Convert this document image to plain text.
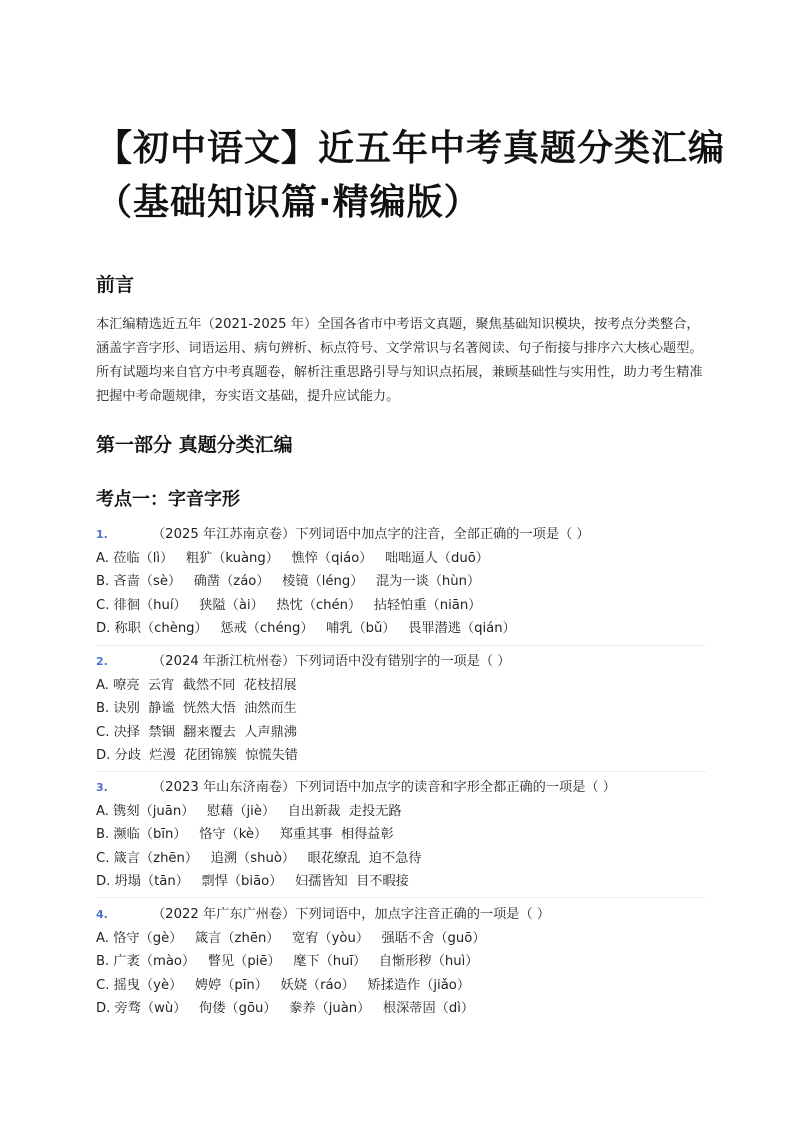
【初中语文】近五年中考真题分类汇编（基础知识篇·精编版）
前言
本汇编精选近五年（2021-2025 年）全国各省市中考语文真题，聚焦基础知识模块，按考点分类整合，涵盖字音字形、词语运用、病句辨析、标点符号、文学常识与名著阅读、句子衔接与排序六大核心题型。所有试题均来自官方中考真题卷，解析注重思路引导与知识点拓展，兼顾基础性与实用性，助力考生精准把握中考命题规律，夯实语文基础，提升应试能力。
第一部分 真题分类汇编
考点一：字音字形
1.	（2025 年江苏南京卷）下列词语中加点字的注音，全部正确的一项是（ ）
A. 莅临（lì）   粗犷（kuàng）   憔悴（qiáo）   咄咄逼人（duō）
B. 吝啬（sè）   确凿（záo）   棱镜（léng）   混为一谈（hùn）
C. 徘徊（huí）   狭隘（ài）   热忱（chén）   拈轻怕重（niān）
D. 称职（chèng）   惩戒（chéng）   哺乳（bǔ）   畏罪潜逃（qián）
2.	（2024 年浙江杭州卷）下列词语中没有错别字的一项是（ ）
A. 嘹亮  云宵  截然不同  花枝招展
B. 诀别  静谧  恍然大悟  油然而生
C. 决择  禁锢  翻来覆去  人声鼎沸
D. 分歧  烂漫  花团锦簇  惊慌失错
3.	（2023 年山东济南卷）下列词语中加点字的读音和字形全都正确的一项是（ ）
A. 镌刻（juān）   慰藉（jiè）   自出新裁  走投无路
B. 濒临（bīn）   恪守（kè）   郑重其事  相得益彰
C. 箴言（zhēn）   追溯（shuò）   眼花缭乱  迫不急待
D. 坍塌（tān）   剽悍（biāo）   妇孺皆知  目不暇接
4.	（2022 年广东广州卷）下列词语中，加点字注音正确的一项是（ ）
A. 恪守（gè）   箴言（zhēn）   宽宥（yòu）   强聒不舍（guō）
B. 广袤（mào）   瞥见（piē）   麾下（huī）   自惭形秽（huì）
C. 摇曳（yè）   娉婷（pīn）   妖娆（ráo）   矫揉造作（jiǎo）
D. 旁骛（wù）   佝偻（gōu）   豢养（juàn）   根深蒂固（dì）
